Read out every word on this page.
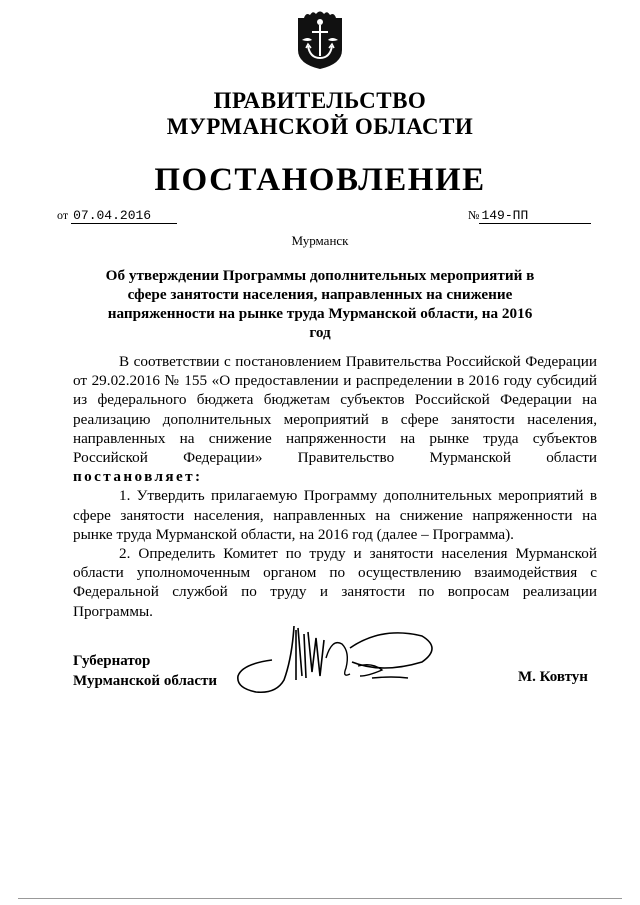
ПРАВИТЕЛЬСТВО
МУРМАНСКОЙ ОБЛАСТИ
ПОСТАНОВЛЕНИЕ
от 07.04.2016	№ 149-ПП
Мурманск
Об утверждении Программы дополнительных мероприятий в сфере занятости населения, направленных на снижение напряженности на рынке труда Мурманской области, на 2016 год

В соответствии с постановлением Правительства Российской Федерации от 29.02.2016 № 155 «О предоставлении и распределении в 2016 году субсидий из федерального бюджета бюджетам субъектов Российской Федерации на реализацию дополнительных мероприятий в сфере занятости населения, направленных на снижение напряженности на рынке труда субъектов Российской Федерации» Правительство Мурманской области постановляет:

1. Утвердить прилагаемую Программу дополнительных мероприятий в сфере занятости населения, направленных на снижение напряженности на рынке труда Мурманской области, на 2016 год (далее – Программа).

2. Определить Комитет по труду и занятости населения Мурманской области уполномоченным органом по осуществлению взаимодействия с Федеральной службой по труду и занятости по вопросам реализации Программы.

Губернатор
Мурманской области	М. Ковтун
